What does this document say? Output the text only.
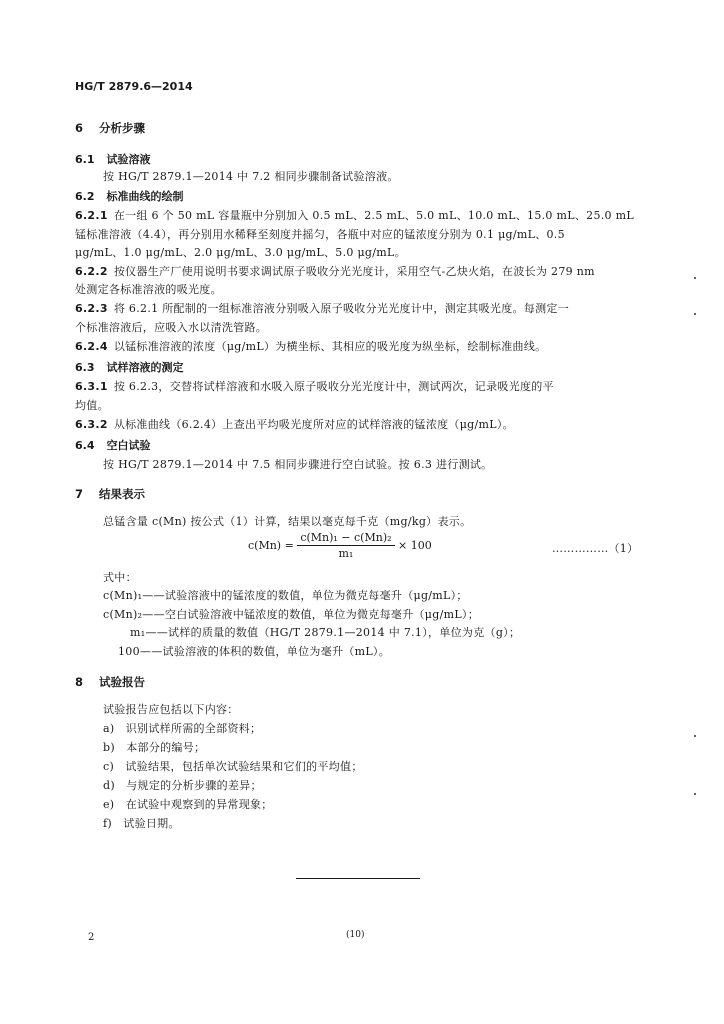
HG/T 2879.6—2014
6 分析步骤
6.1 试验溶液
按 HG/T 2879.1—2014 中 7.2 相同步骤制备试验溶液。
6.2 标准曲线的绘制
6.2.1 在一组 6 个 50 mL 容量瓶中分别加入 0.5 mL、2.5 mL、5.0 mL、10.0 mL、15.0 mL、25.0 mL
锰标准溶液（4.4），再分别用水稀释至刻度并摇匀，各瓶中对应的锰浓度分别为 0.1 μg/mL、0.5
μg/mL、1.0 μg/mL、2.0 μg/mL、3.0 μg/mL、5.0 μg/mL。
6.2.2 按仪器生产厂使用说明书要求调试原子吸收分光光度计，采用空气-乙炔火焰，在波长为 279 nm
处测定各标准溶液的吸光度。
6.2.3 将 6.2.1 所配制的一组标准溶液分别吸入原子吸收分光光度计中，测定其吸光度。每测定一
个标准溶液后，应吸入水以清洗管路。
6.2.4 以锰标准溶液的浓度（μg/mL）为横坐标、其相应的吸光度为纵坐标，绘制标准曲线。
6.3 试样溶液的测定
6.3.1 按 6.2.3，交替将试样溶液和水吸入原子吸收分光光度计中，测试两次，记录吸光度的平
均值。
6.3.2 从标准曲线（6.2.4）上查出平均吸光度所对应的试样溶液的锰浓度（μg/mL）。
6.4 空白试验
按 HG/T 2879.1—2014 中 7.5 相同步骤进行空白试验。按 6.3 进行测试。
7 结果表示
总锰含量 c(Mn) 按公式（1）计算，结果以毫克每千克（mg/kg）表示。
$c(Mn) = \frac{\text{c(Mn)₁ − c(Mn)₂}}{\text{m₁}} \times 100$	……………（1）
式中：
c(Mn)₁——试验溶液中的锰浓度的数值，单位为微克每毫升（μg/mL）；
c(Mn)₂——空白试验溶液中锰浓度的数值，单位为微克每毫升（μg/mL）；
m₁——试样的质量的数值（HG/T 2879.1—2014 中 7.1），单位为克（g）；
100——试验溶液的体积的数值，单位为毫升（mL）。
8 试验报告
试验报告应包括以下内容：
a)　识别试样所需的全部资料；
b)　本部分的编号；
c)　试验结果，包括单次试验结果和它们的平均值；
d)　与规定的分析步骤的差异；
e)　在试验中观察到的异常现象；
f)　试验日期。
2	(10)
